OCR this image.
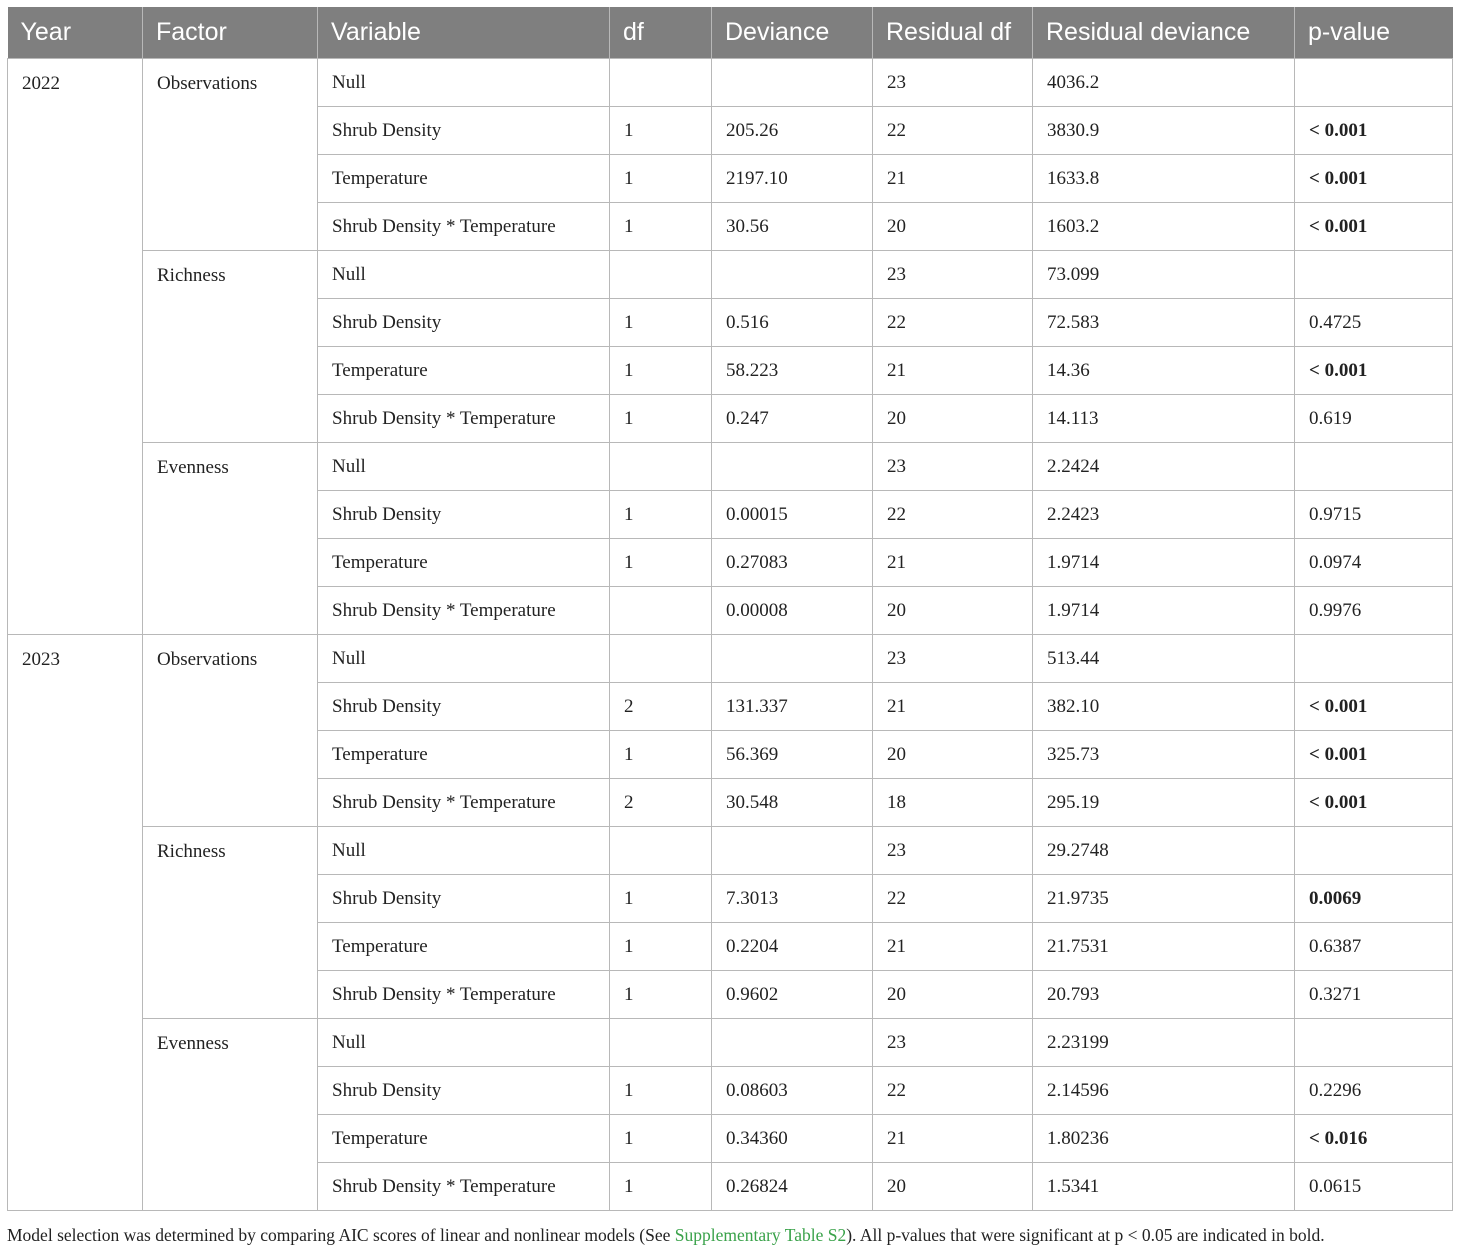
Year	Factor	Variable	df	Deviance	Residual df	Residual deviance	p-value
2022	Observations	Null			23	4036.2	
		Shrub Density	1	205.26	22	3830.9	< 0.001
		Temperature	1	2197.10	21	1633.8	< 0.001
		Shrub Density * Temperature	1	30.56	20	1603.2	< 0.001
	Richness	Null			23	73.099	
		Shrub Density	1	0.516	22	72.583	0.4725
		Temperature	1	58.223	21	14.36	< 0.001
		Shrub Density * Temperature	1	0.247	20	14.113	0.619
	Evenness	Null			23	2.2424	
		Shrub Density	1	0.00015	22	2.2423	0.9715
		Temperature	1	0.27083	21	1.9714	0.0974
		Shrub Density * Temperature		0.00008	20	1.9714	0.9976
2023	Observations	Null			23	513.44	
		Shrub Density	2	131.337	21	382.10	< 0.001
		Temperature	1	56.369	20	325.73	< 0.001
		Shrub Density * Temperature	2	30.548	18	295.19	< 0.001
	Richness	Null			23	29.2748	
		Shrub Density	1	7.3013	22	21.9735	0.0069
		Temperature	1	0.2204	21	21.7531	0.6387
		Shrub Density * Temperature	1	0.9602	20	20.793	0.3271
	Evenness	Null			23	2.23199	
		Shrub Density	1	0.08603	22	2.14596	0.2296
		Temperature	1	0.34360	21	1.80236	< 0.016
		Shrub Density * Temperature	1	0.26824	20	1.5341	0.0615
Model selection was determined by comparing AIC scores of linear and nonlinear models (See Supplementary Table S2). All p-values that were significant at p < 0.05 are indicated in bold.
